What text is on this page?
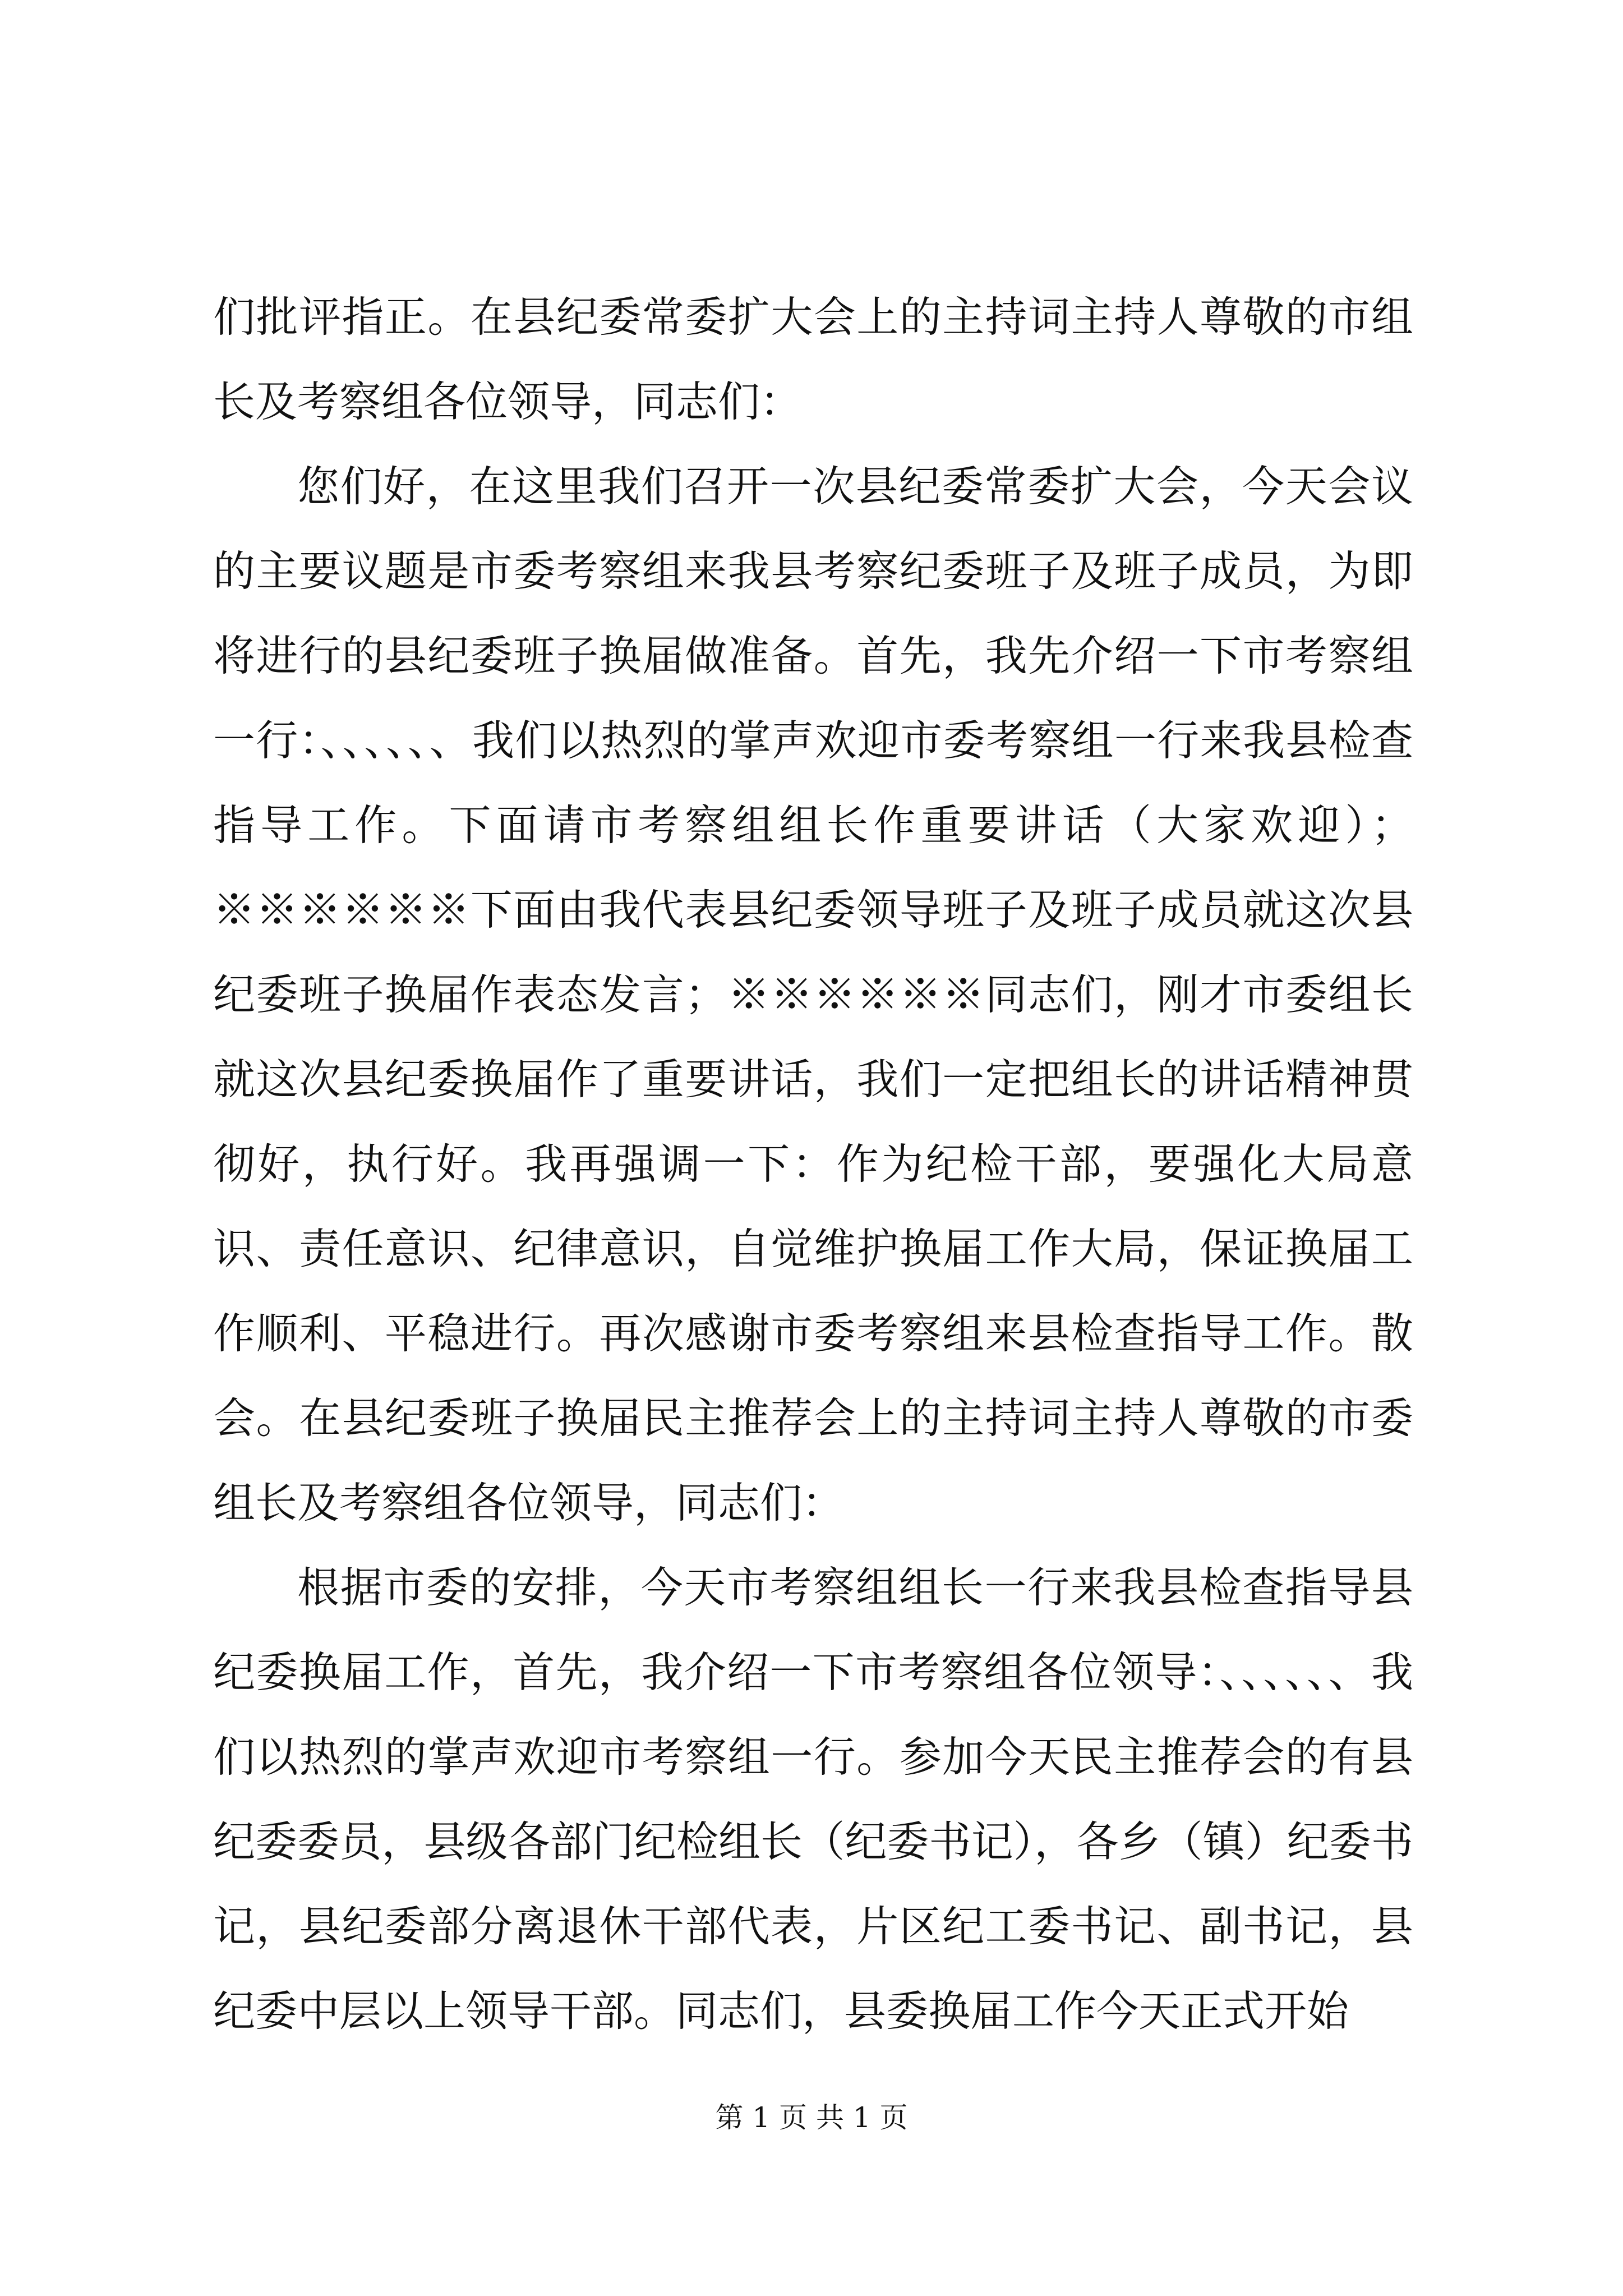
们批评指正。在县纪委常委扩大会上的主持词主持人尊敬的市组长及考察组各位领导，同志们：

您们好，在这里我们召开一次县纪委常委扩大会，今天会议的主要议题是市委考察组来我县考察纪委班子及班子成员，为即将进行的县纪委班子换届做准备。首先，我先介绍一下市考察组一行：、、、、、、我们以热烈的掌声欢迎市委考察组一行来我县检查指导工作。下面请市考察组组长作重要讲话（大家欢迎）；※※※※※※下面由我代表县纪委领导班子及班子成员就这次县纪委班子换届作表态发言；※※※※※※同志们，刚才市委组长就这次县纪委换届作了重要讲话，我们一定把组长的讲话精神贯彻好，执行好。我再强调一下：作为纪检干部，要强化大局意识、责任意识、纪律意识，自觉维护换届工作大局，保证换届工作顺利、平稳进行。再次感谢市委考察组来县检查指导工作。散会。在县纪委班子换届民主推荐会上的主持词主持人尊敬的市委组长及考察组各位领导，同志们：

根据市委的安排，今天市考察组组长一行来我县检查指导县纪委换届工作，首先，我介绍一下市考察组各位领导：、、、、、、我们以热烈的掌声欢迎市考察组一行。参加今天民主推荐会的有县纪委委员，县级各部门纪检组长（纪委书记），各乡（镇）纪委书记，县纪委部分离退休干部代表，片区纪工委书记、副书记，县纪委中层以上领导干部。同志们，县委换届工作今天正式开始

第 1 页 共 1 页
